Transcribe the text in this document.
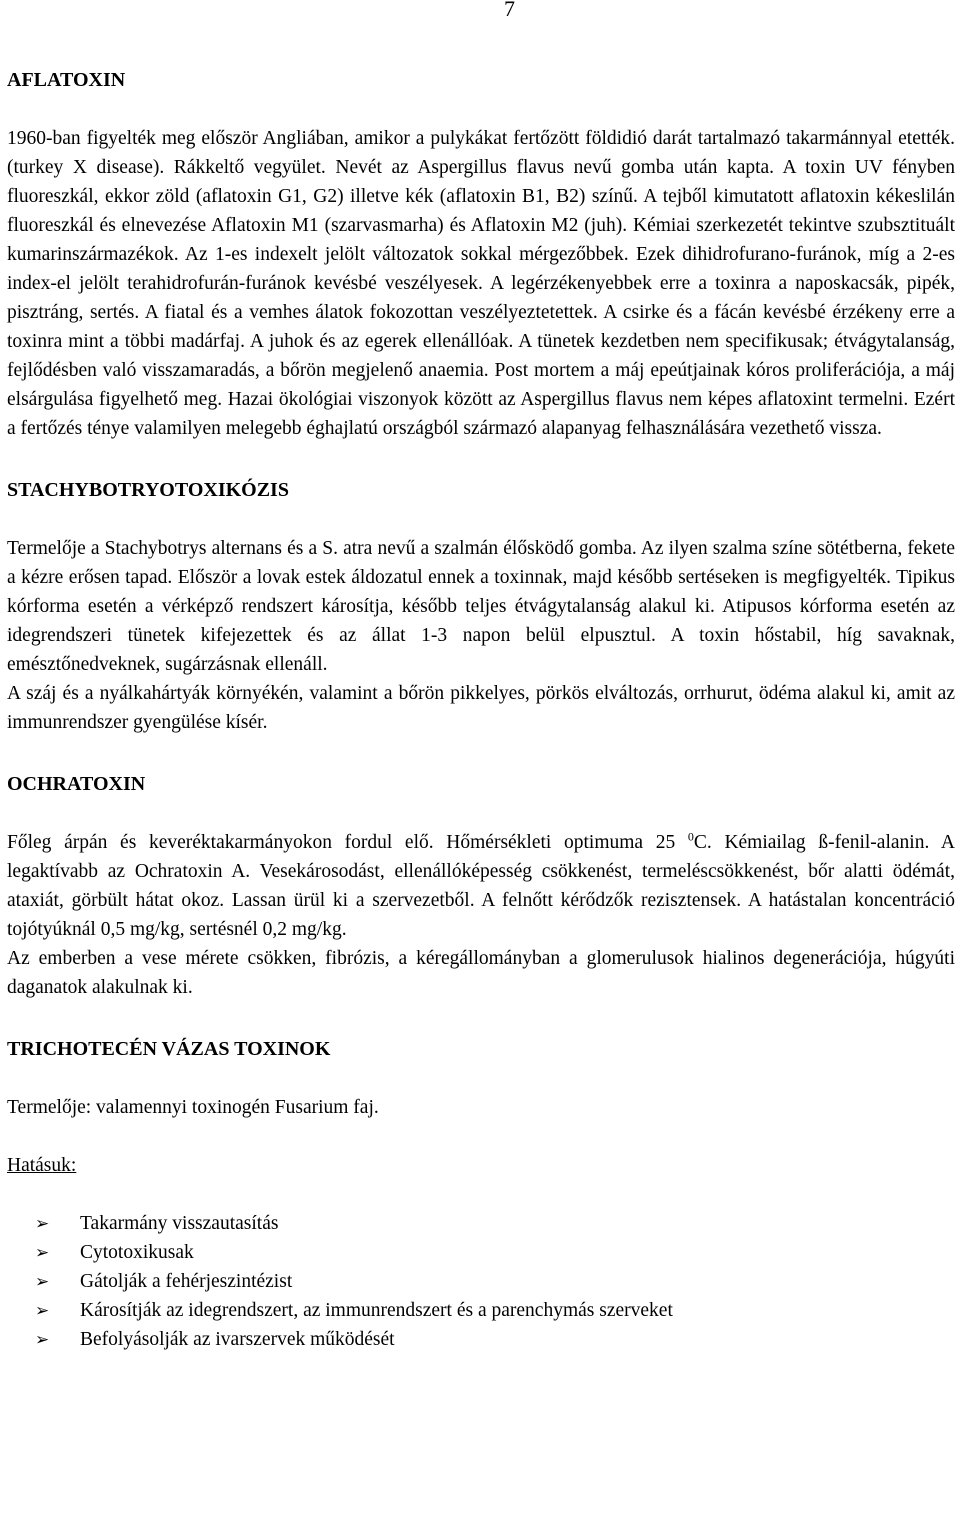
7
AFLATOXIN

1960-ban figyelték meg először Angliában, amikor a pulykákat fertőzött földidió darát tartalmazó takarmánnyal etették. (turkey X disease). Rákkeltő vegyület. Nevét az Aspergillus flavus nevű gomba után kapta. A toxin UV fényben fluoreszkál, ekkor zöld (aflatoxin G1, G2) illetve kék (aflatoxin B1, B2) színű. A tejből kimutatott aflatoxin kékeslilán fluoreszkál és elnevezése Aflatoxin M1 (szarvasmarha) és Aflatoxin M2 (juh). Kémiai szerkezetét tekintve szubsztituált kumarinszármazékok. Az 1-es indexelt jelölt változatok sokkal mérgezőbbek. Ezek dihidrofurano-furánok, míg a 2-es index-el jelölt terahidrofurán-furánok kevésbé veszélyesek. A legérzékenyebbek erre a toxinra a naposkacsák, pipék, pisztráng, sertés. A fiatal és a vemhes álatok fokozottan veszélyeztetettek. A csirke és a fácán kevésbé érzékeny erre a toxinra mint a többi madárfaj. A juhok és az egerek ellenállóak. A tünetek kezdetben nem specifikusak; étvágytalanság, fejlődésben való visszamaradás, a bőrön megjelenő anaemia. Post mortem a máj epeútjainak kóros proliferációja, a máj elsárgulása figyelhető meg. Hazai ökológiai viszonyok között az Aspergillus flavus nem képes aflatoxint termelni. Ezért a fertőzés ténye valamilyen melegebb éghajlatú országból származó alapanyag felhasználására vezethető vissza.

STACHYBOTRYOTOXIKÓZIS

Termelője a Stachybotrys alternans és a S. atra nevű a szalmán élősködő gomba. Az ilyen szalma színe sötétberna, fekete a kézre erősen tapad. Először a lovak estek áldozatul ennek a toxinnak, majd később sertéseken is megfigyelték. Tipikus kórforma esetén a vérképző rendszert károsítja, később teljes étvágytalanság alakul ki. Atipusos kórforma esetén az idegrendszeri tünetek kifejezettek és az állat 1-3 napon belül elpusztul. A toxin hőstabil, híg savaknak, emésztőnedveknek, sugárzásnak ellenáll.

A száj és a nyálkahártyák környékén, valamint a bőrön pikkelyes, pörkös elváltozás, orrhurut, ödéma alakul ki, amit az immunrendszer gyengülése kísér.

OCHRATOXIN

Főleg árpán és keveréktakarmányokon fordul elő. Hőmérsékleti optimuma 25 $^0$C. Kémiailag ß-fenil-alanin. A legaktívabb az Ochratoxin A. Vesekárosodást, ellenállóképesség csökkenést, termeléscsökkenést, bőr alatti ödémát, ataxiát, görbült hátat okoz. Lassan ürül ki a szervezetből. A felnőtt kérődzők rezisztensek. A hatástalan koncentráció tojótyúknál 0,5 mg/kg, sertésnél 0,2 mg/kg.

Az emberben a vese mérete csökken, fibrózis, a kéregállományban a glomerulusok hialinos degenerációja, húgyúti daganatok alakulnak ki.

TRICHOTECÉN VÁZAS TOXINOK

Termelője: valamennyi toxinogén Fusarium faj.

Hatásuk:
➢ Takarmány visszautasítás
➢ Cytotoxikusak
➢ Gátolják a fehérjeszintézist
➢ Károsítják az idegrendszert, az immunrendszert és a parenchymás szerveket
➢ Befolyásolják az ivarszervek működését
